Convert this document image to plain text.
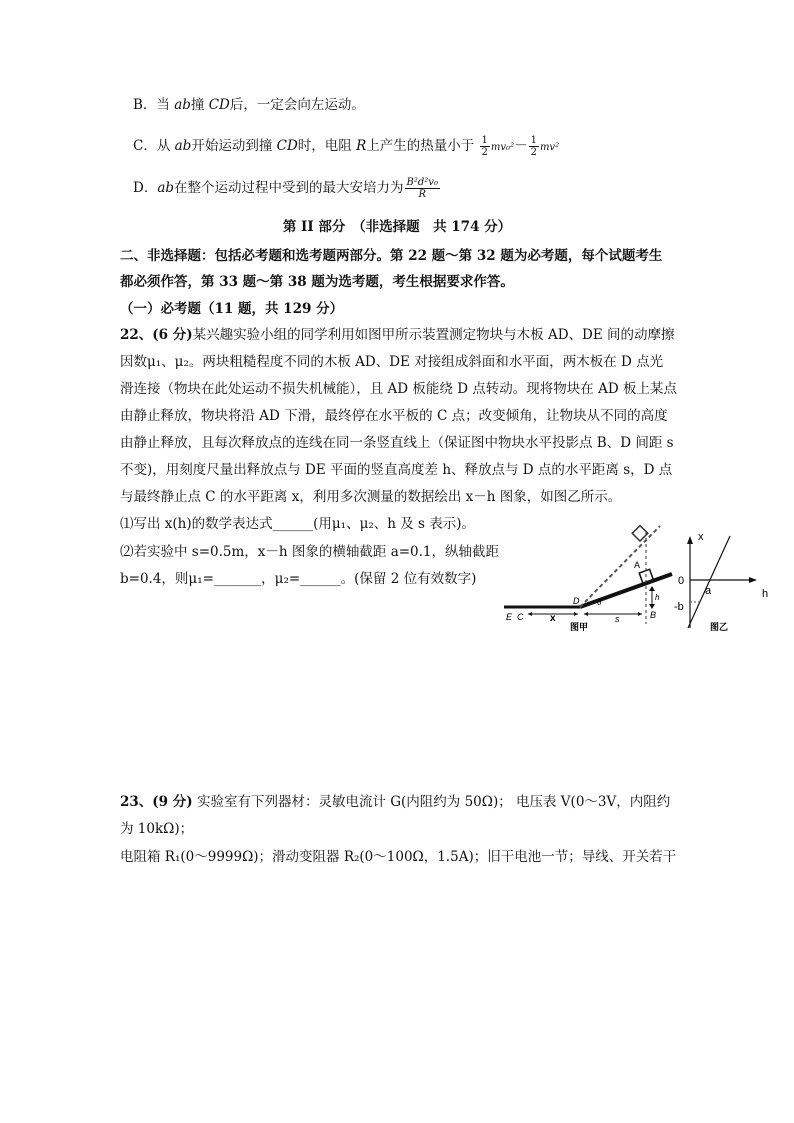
B．当 ab撞 CD后，一定会向左运动。
C．从 ab开始运动到撞 CD时，电阻 R上产生的热量小于 $\frac{1}{2} mv_0^2- \frac{1}{2} mv^2$
D．ab在整个运动过程中受到的最大安培力为 $\frac{\text{B²d²v₀}}{R}$
第 II 部分　（非选择题　共 174 分）
二、非选择题：包括必考题和选考题两部分。第 22 题～第 32 题为必考题，每个试题考生
都必须作答，第 33 题～第 38 题为选考题，考生根据要求作答。
（一）必考题（11 题，共 129 分）
22、(6 分)某兴趣实验小组的同学利用如图甲所示装置测定物块与木板 AD、DE 间的动摩擦
因数μ₁、μ₂。两块粗糙程度不同的木板 AD、DE 对接组成斜面和水平面，两木板在 D 点光
滑连接（物块在此处运动不损失机械能），且 AD 板能绕 D 点转动。现将物块在 AD 板上某点
由静止释放，物块将沿 AD 下滑，最终停在水平板的 C 点；改变倾角，让物块从不同的高度
由静止释放，且每次释放点的连线在同一条竖直线上（保证图中物块水平投影点 B、D 间距 s
不变)，用刻度尺量出释放点与 DE 平面的竖直高度差 h、释放点与 D 点的水平距离 s，D 点
与最终静止点 C 的水平距离 x，利用多次测量的数据绘出 x－h 图象，如图乙所示。
⑴写出 x(h)的数学表达式______(用μ₁、μ₂、h 及 s 表示)。
⑵若实验中 s=0.5m，x－h 图象的横轴截距 a=0.1，纵轴截距
b=0.4，则μ₁=_______，μ₂=______。(保留 2 位有效数字)
E C	x
D θ
s	B
A
h
图甲
x
h
0
a
-b
图乙
23、(9 分) 实验室有下列器材：灵敏电流计 G(内阻约为 50Ω)； 电压表 V(0～3V，内阻约
为 10kΩ)；
电阻箱 R₁(0～9999Ω)；滑动变阻器 R₂(0～100Ω，1.5A)；旧干电池一节；导线、开关若干
